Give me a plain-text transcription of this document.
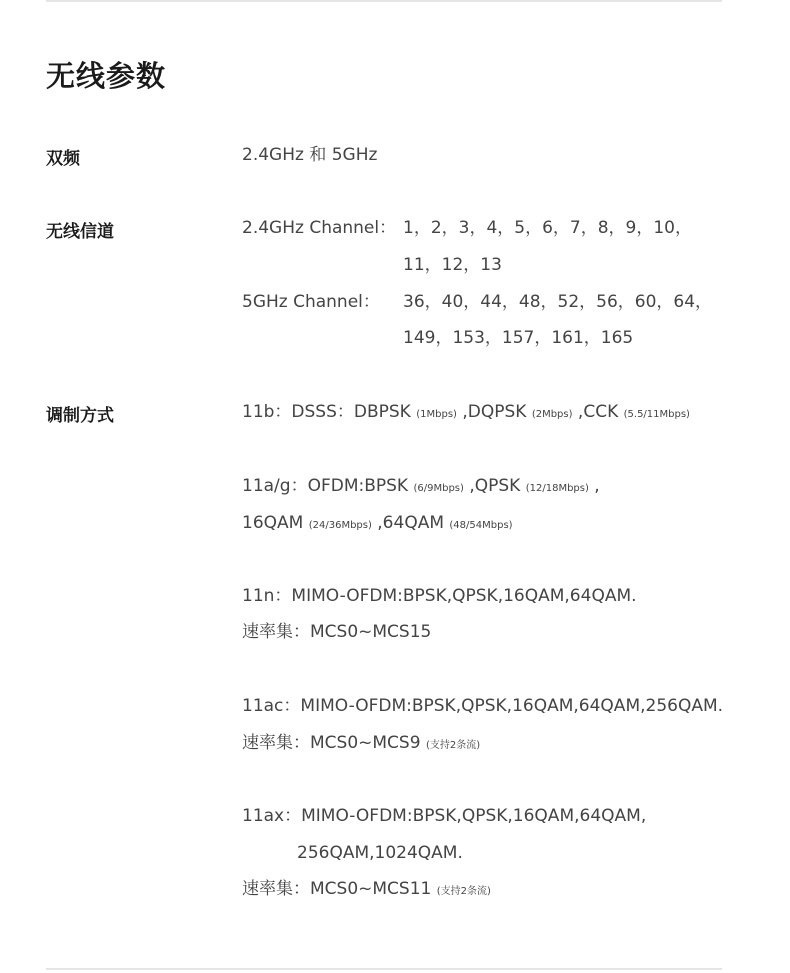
无线参数
双频	2.4GHz 和 5GHz
无线信道	2.4GHz Channel： 1，2，3，4，5，6，7，8，9，10，
11，12，13
5GHz Channel： 36，40，44，48，52，56，60，64，
149，153，157，161，165
调制方式	11b：DSSS：DBPSK (1Mbps) ,DQPSK (2Mbps) ,CCK (5.5/11Mbps)
11a/g：OFDM:BPSK (6/9Mbps) ,QPSK (12/18Mbps) ,
16QAM (24/36Mbps) ,64QAM (48/54Mbps)
11n：MIMO-OFDM:BPSK,QPSK,16QAM,64QAM.
速率集：MCS0~MCS15
11ac：MIMO-OFDM:BPSK,QPSK,16QAM,64QAM,256QAM.
速率集：MCS0~MCS9 (支持2条流)
11ax：MIMO-OFDM:BPSK,QPSK,16QAM,64QAM,
256QAM,1024QAM.
速率集：MCS0~MCS11 (支持2条流)
